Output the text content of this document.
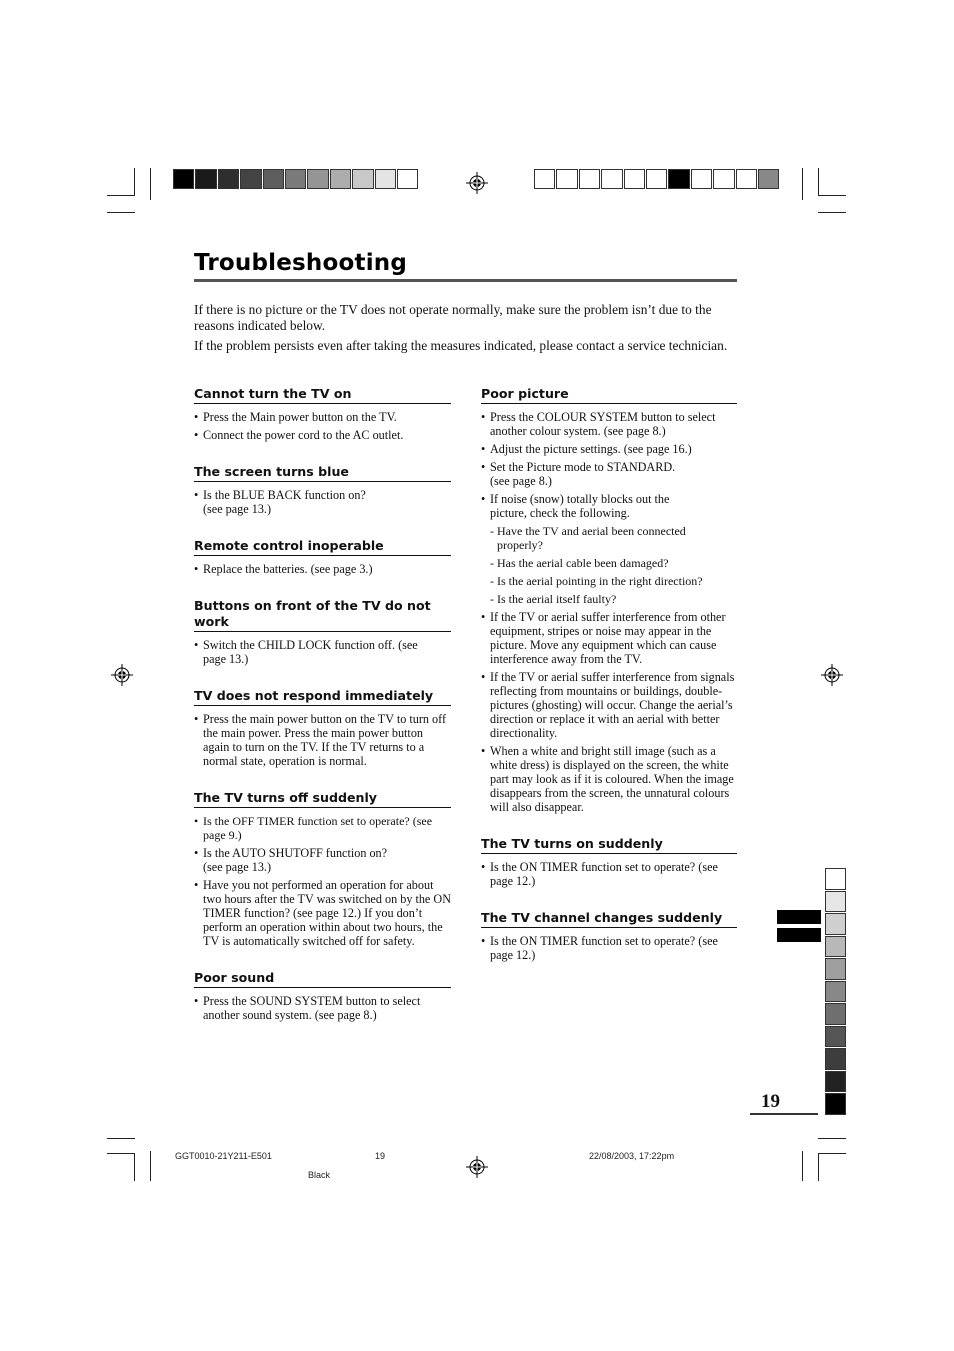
Troubleshooting
If there is no picture or the TV does not operate normally, make sure the problem isn’t due to the reasons indicated below.
If the problem persists even after taking the measures indicated, please contact a service technician.
Cannot turn the TV on
• Press the Main power button on the TV.
• Connect the power cord to the AC outlet.
The screen turns blue
• Is the BLUE BACK function on? (see page 13.)
Remote control inoperable
• Replace the batteries. (see page 3.)
Buttons on front of the TV do not work
• Switch the CHILD LOCK function off. (see page 13.)
TV does not respond immediately
• Press the main power button on the TV to turn off the main power. Press the main power button again to turn on the TV. If the TV returns to a normal state, operation is normal.
The TV turns off suddenly
• Is the OFF TIMER function set to operate? (see page 9.)
• Is the AUTO SHUTOFF function on? (see page 13.)
• Have you not performed an operation for about two hours after the TV was switched on by the ON TIMER function? (see page 12.) If you don’t perform an operation within about two hours, the TV is automatically switched off for safety.
Poor sound
• Press the SOUND SYSTEM button to select another sound system. (see page 8.)
Poor picture
• Press the COLOUR SYSTEM button to select another colour system. (see page 8.)
• Adjust the picture settings. (see page 16.)
• Set the Picture mode to STANDARD. (see page 8.)
• If noise (snow) totally blocks out the picture, check the following.
- Have the TV and aerial been connected properly?
- Has the aerial cable been damaged?
- Is the aerial pointing in the right direction?
- Is the aerial itself faulty?
• If the TV or aerial suffer interference from other equipment, stripes or noise may appear in the picture. Move any equipment which can cause interference away from the TV.
• If the TV or aerial suffer interference from signals reflecting from mountains or buildings, double-pictures (ghosting) will occur. Change the aerial’s direction or replace it with an aerial with better directionality.
• When a white and bright still image (such as a white dress) is displayed on the screen, the white part may look as if it is coloured. When the image disappears from the screen, the unnatural colours will also disappear.
The TV turns on suddenly
• Is the ON TIMER function set to operate? (see page 12.)
The TV channel changes suddenly
• Is the ON TIMER function set to operate? (see page 12.)
19
GGT0010-21Y211-E501	19	22/08/2003, 17:22pm
Black
